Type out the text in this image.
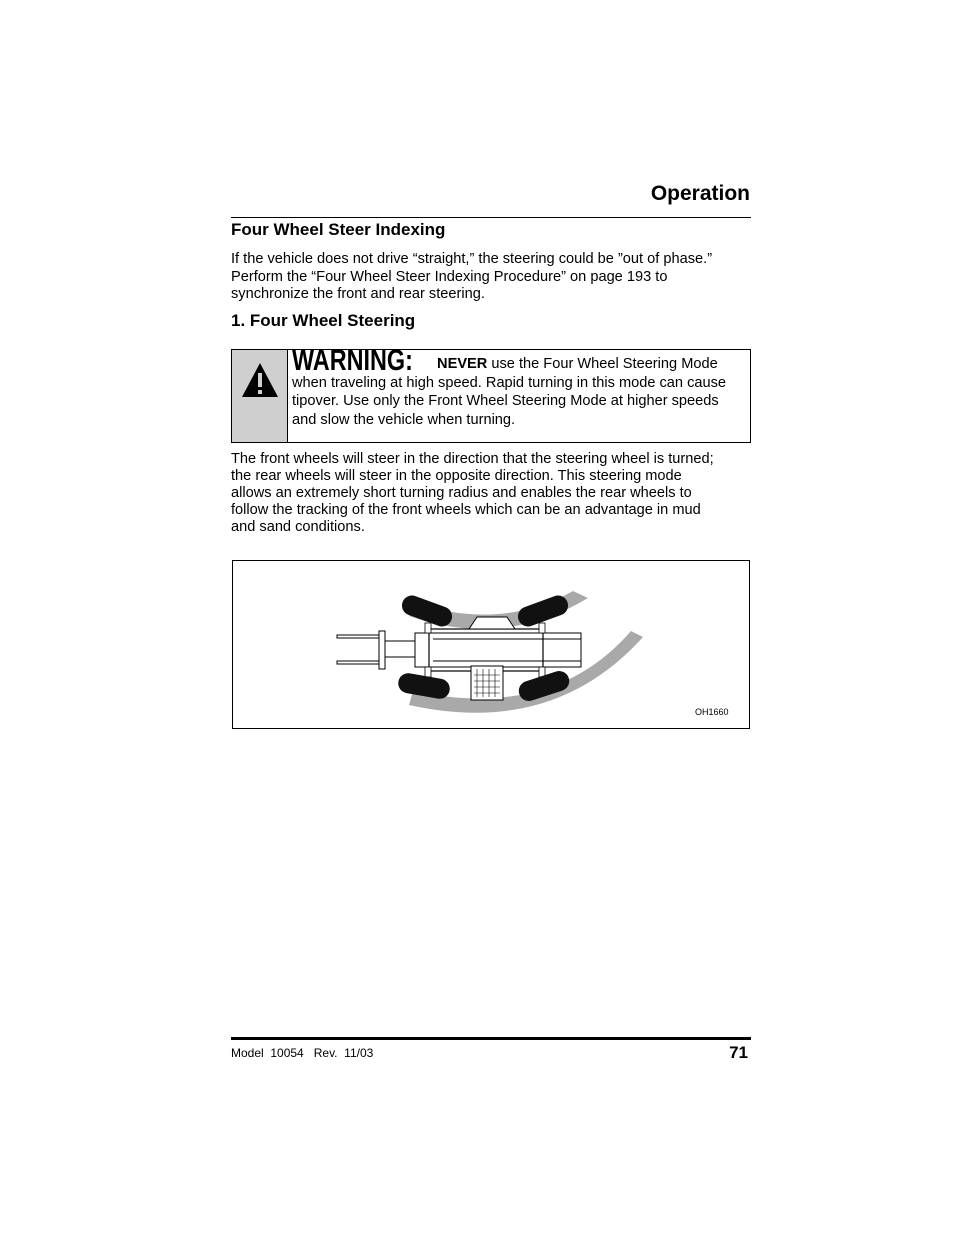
Operation
Four Wheel Steer Indexing

If the vehicle does not drive “straight,” the steering could be ”out of phase.”
Perform the “Four Wheel Steer Indexing Procedure” on page 193 to
synchronize the front and rear steering.

1. Four Wheel Steering
WARNING: NEVER use the Four Wheel Steering Mode when traveling at high speed. Rapid turning in this mode can cause tipover. Use only the Front Wheel Steering Mode at higher speeds and slow the vehicle when turning.

The front wheels will steer in the direction that the steering wheel is turned;
the rear wheels will steer in the opposite direction. This steering mode
allows an extremely short turning radius and enables the rear wheels to
follow the tracking of the front wheels which can be an advantage in mud
and sand conditions.

OH1660
Model  10054   Rev.  11/03	71
